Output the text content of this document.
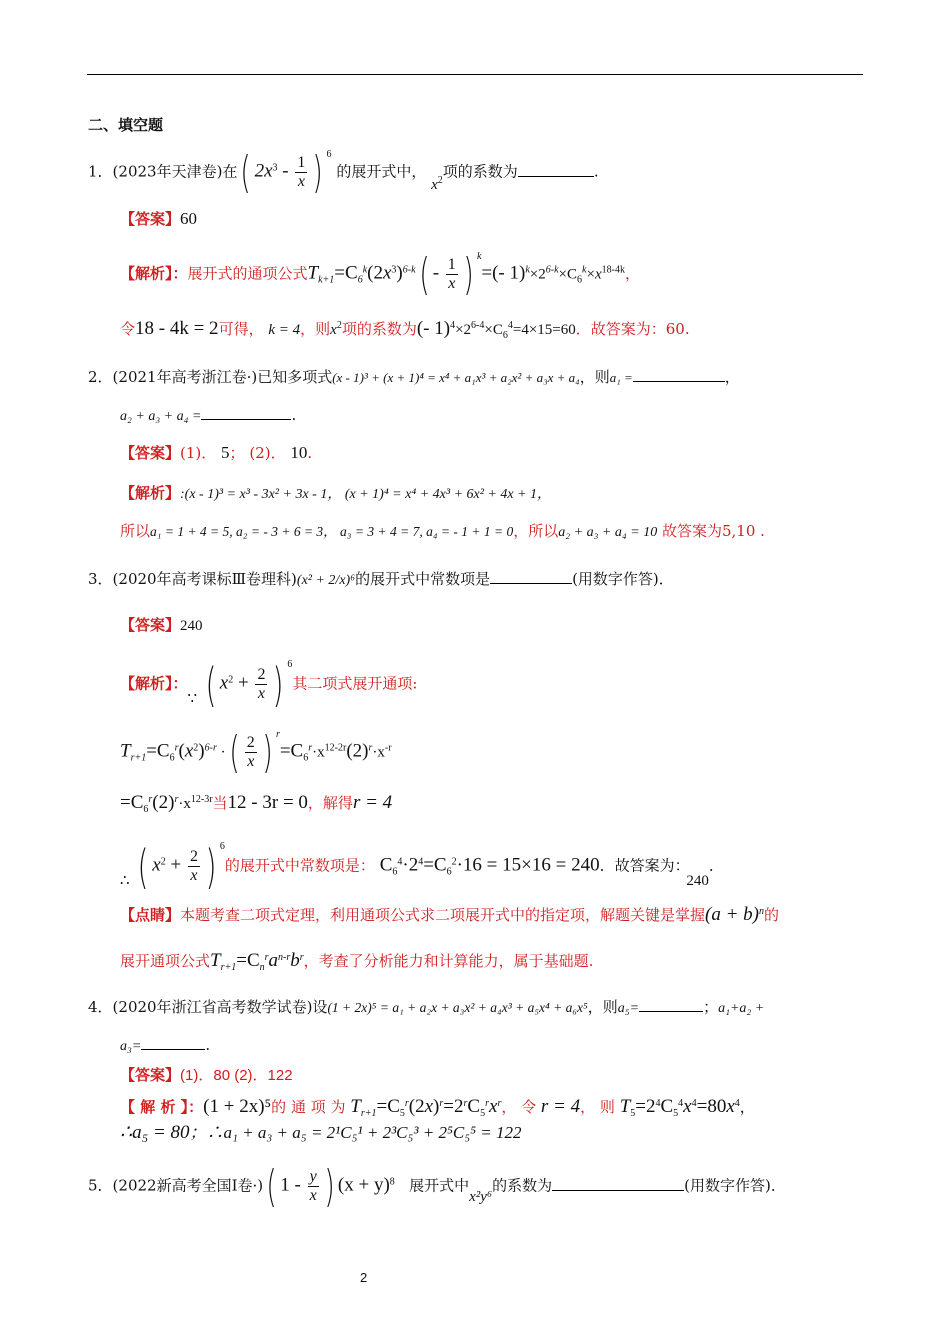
二、填空题
1．(2023年天津卷)在( $2x^3 - \frac{1}{x}$ ) $^6$ 的展开式中， $x^2$项的系数为	.
【答案】60
【解析】：展开式的通项公式$T_{k+1}=C_6^k(2x^3)^{6-k}( - \frac{1}{x}$ ) $^k$=(- $1)^k\times 2^{6-k}\times C_6^k\times x^{18-4k}$，
令18 - 4k = 2可得， k = 4，则$x^2$项的系数为(- $1)^4\times 2^{6-4}\times C_6^4=4\times 15=60$．故答案为：60.
2．(2021年高考浙江卷·)已知多项式(x - 1)³ + (x + 1)⁴ = x⁴ + a₁x³ + a₂x² + a₃x + a₄，则a₁ =	，
a₂ + a₃ + a₄ =	.
【答案】(1)． 5； (2)． 10.
【解析】:(x - 1)³ = x³ - 3x² + 3x - 1， (x + 1)⁴ = x⁴ + 4x³ + 6x² + 4x + 1，
所以a₁ = 1 + 4 = 5, a₂ = - 3 + 6 = 3， a₃ = 3 + 4 = 7, a₄ = - 1 + 1 = 0，所以a₂ + a₃ + a₄ = 10 故答案为5,10 .
3．(2020年高考课标Ⅲ卷理科)(x² + 2/x)⁶的展开式中常数项是	(用数字作答)．
【答案】240
【解析】：∵ ( $x^2 + \frac{2}{x}$ ) $^6$其二项式展开通项:
$T_{r+1}=C_6^r(x^2)^{6-r}$ ·( $\frac{2}{x}$ ) $^r=C_6^r\cdot x^{12-2r}(2)^r\cdot x^{-r}$
$=C_6^r(2)^r\cdot x^{12-3r}$当12 - 3r = 0，解得r = 4
∴ ( $x^2 + \frac{2}{x}$ ) $^6$的展开式中常数项是： $C_6^4\cdot 2^4=C_6^2\cdot 16 = 15\times 16 = 240$．故答案为： 240．
【点睛】本题考查二项式定理，利用通项公式求二项展开式中的指定项，解题关键是掌握$(a + b)^n$的
展开通项公式$T_{r+1}=C_n^ra^{n-r}b^r$，考查了分析能力和计算能力，属于基础题.
4．(2020年浙江省高考数学试卷)设(1 + 2x)⁵ = a₁ + a₂x + a₃x² + a₄x³ + a₅x⁴ + a₆x⁵，则a₅=	；a₁+a₂ +
a₃=	.
【答案】(1)．80 (2)．122
【 解 析 】：(1 + 2x)⁵的 通 项 为 $T_{r+1}=C_5^r(2x)^r=2^rC_5^rx^r$， 令 r = 4， 则 $T_5=2^4C_5^4x^4=80x^4$，
∴a₅ = 80；∴a₁ + a₃ + a₅ = 2¹C₅¹ + 2³C₅³ + 2⁵C₅⁵ = 122
5．(2022新高考全国Ⅰ卷·)( $1 - \frac{y}{x}$ ) $(x + y)^8$ 展开式中x²y⁶的系数为	(用数字作答)．
2
